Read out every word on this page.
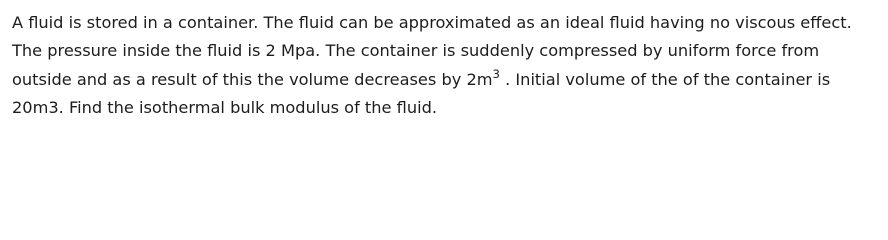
A fluid is stored in a container. The fluid can be approximated as an ideal fluid having no viscous effect. The pressure inside the fluid is 2 Mpa. The container is suddenly compressed by uniform force from outside and as a result of this the volume decreases by $2m^3$ . Initial volume of the of the container is 20m3. Find the isothermal bulk modulus of the fluid.
